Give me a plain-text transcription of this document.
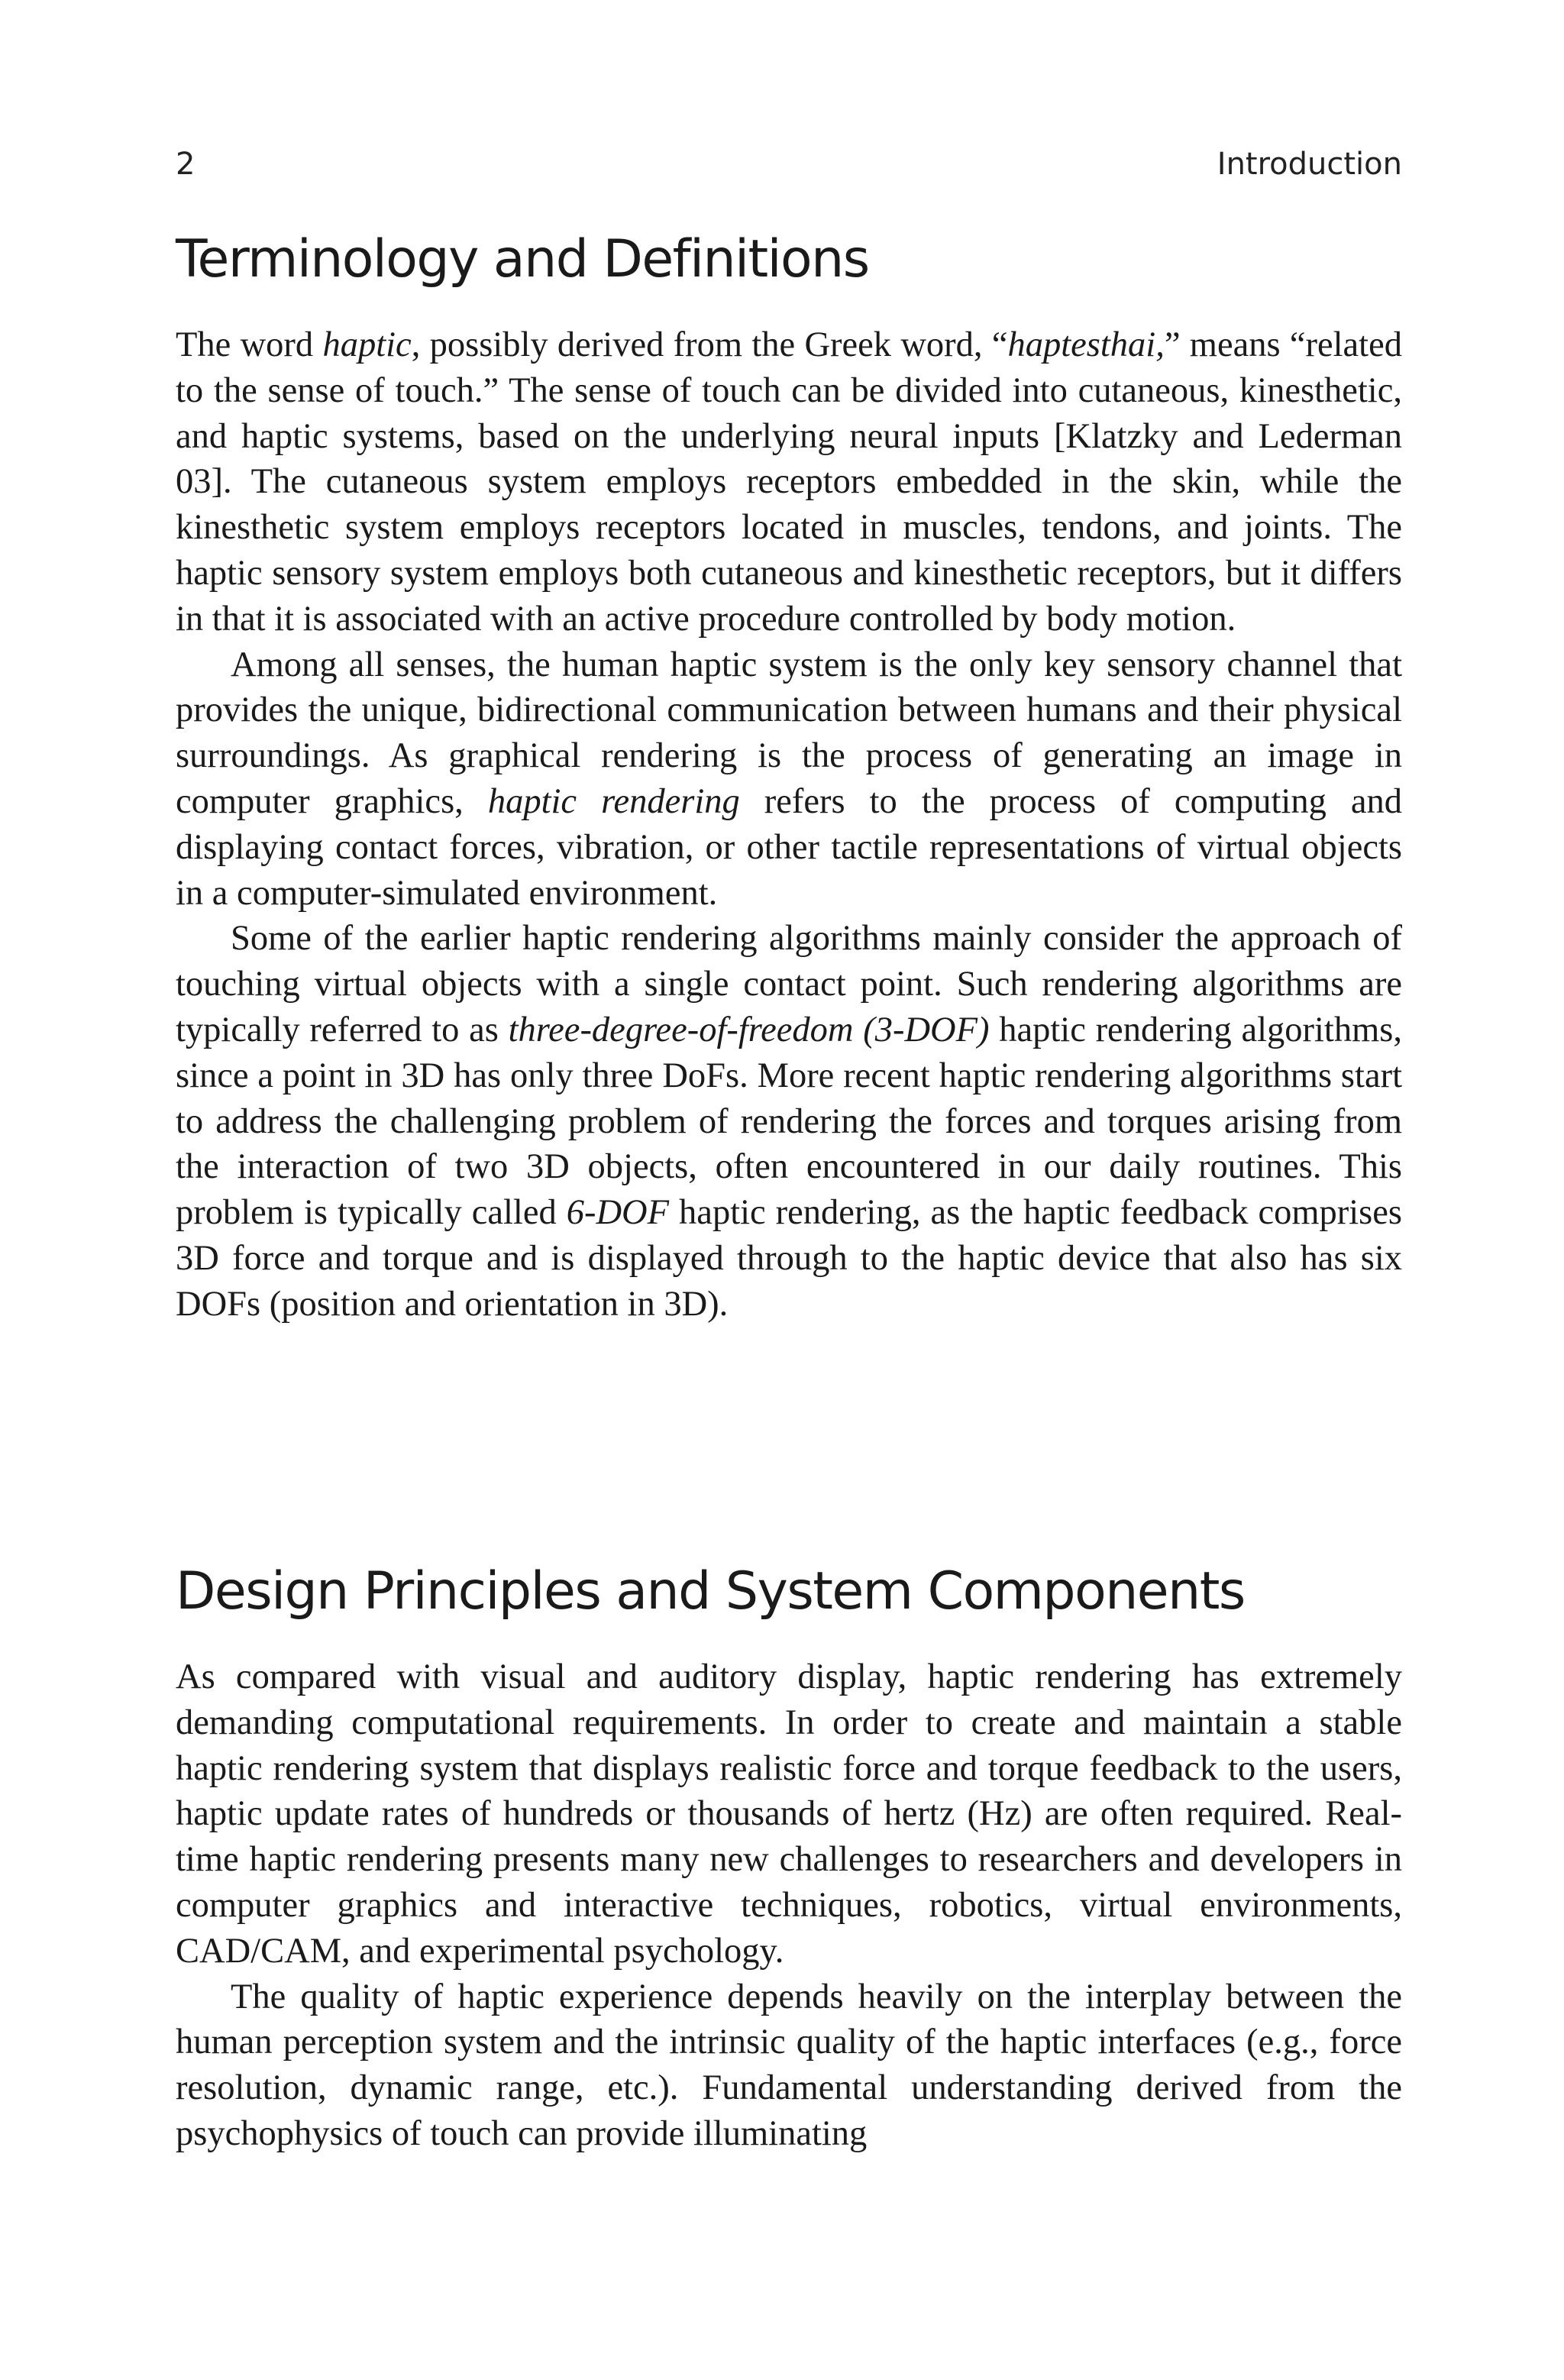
2	Introduction
Terminology and Definitions

The word haptic, possibly derived from the Greek word, “haptesthai,” means “related to the sense of touch.” The sense of touch can be divided into cutaneous, kinesthetic, and haptic systems, based on the underlying neural inputs [Klatzky and Lederman 03]. The cutaneous system employs receptors embedded in the skin, while the kinesthetic system employs receptors located in muscles, tendons, and joints. The haptic sensory system employs both cutaneous and kinesthetic receptors, but it differs in that it is associated with an active procedure controlled by body motion.

Among all senses, the human haptic system is the only key sensory channel that provides the unique, bidirectional communication between humans and their physical surroundings. As graphical rendering is the process of generating an image in computer graphics, haptic rendering refers to the process of computing and displaying contact forces, vibration, or other tactile representations of virtual objects in a computer-simulated environment.

Some of the earlier haptic rendering algorithms mainly consider the approach of touching virtual objects with a single contact point. Such rendering algorithms are typically referred to as three-degree-of-freedom (3-DOF) haptic rendering algorithms, since a point in 3D has only three DoFs. More recent haptic rendering algorithms start to address the challenging problem of rendering the forces and torques arising from the interaction of two 3D objects, often encountered in our daily routines. This problem is typically called 6-DOF haptic rendering, as the haptic feedback comprises 3D force and torque and is displayed through to the haptic device that also has six DOFs (position and orientation in 3D).

Design Principles and System Components

As compared with visual and auditory display, haptic rendering has extremely demanding computational requirements. In order to create and maintain a stable haptic rendering system that displays realistic force and torque feedback to the users, haptic update rates of hundreds or thousands of hertz (Hz) are often required. Real-time haptic rendering presents many new challenges to researchers and developers in computer graphics and interactive techniques, robotics, virtual environments, CAD/CAM, and experimental psychology.

The quality of haptic experience depends heavily on the interplay between the human perception system and the intrinsic quality of the haptic interfaces (e.g., force resolution, dynamic range, etc.). Fundamental understanding derived from the psychophysics of touch can provide illuminating
